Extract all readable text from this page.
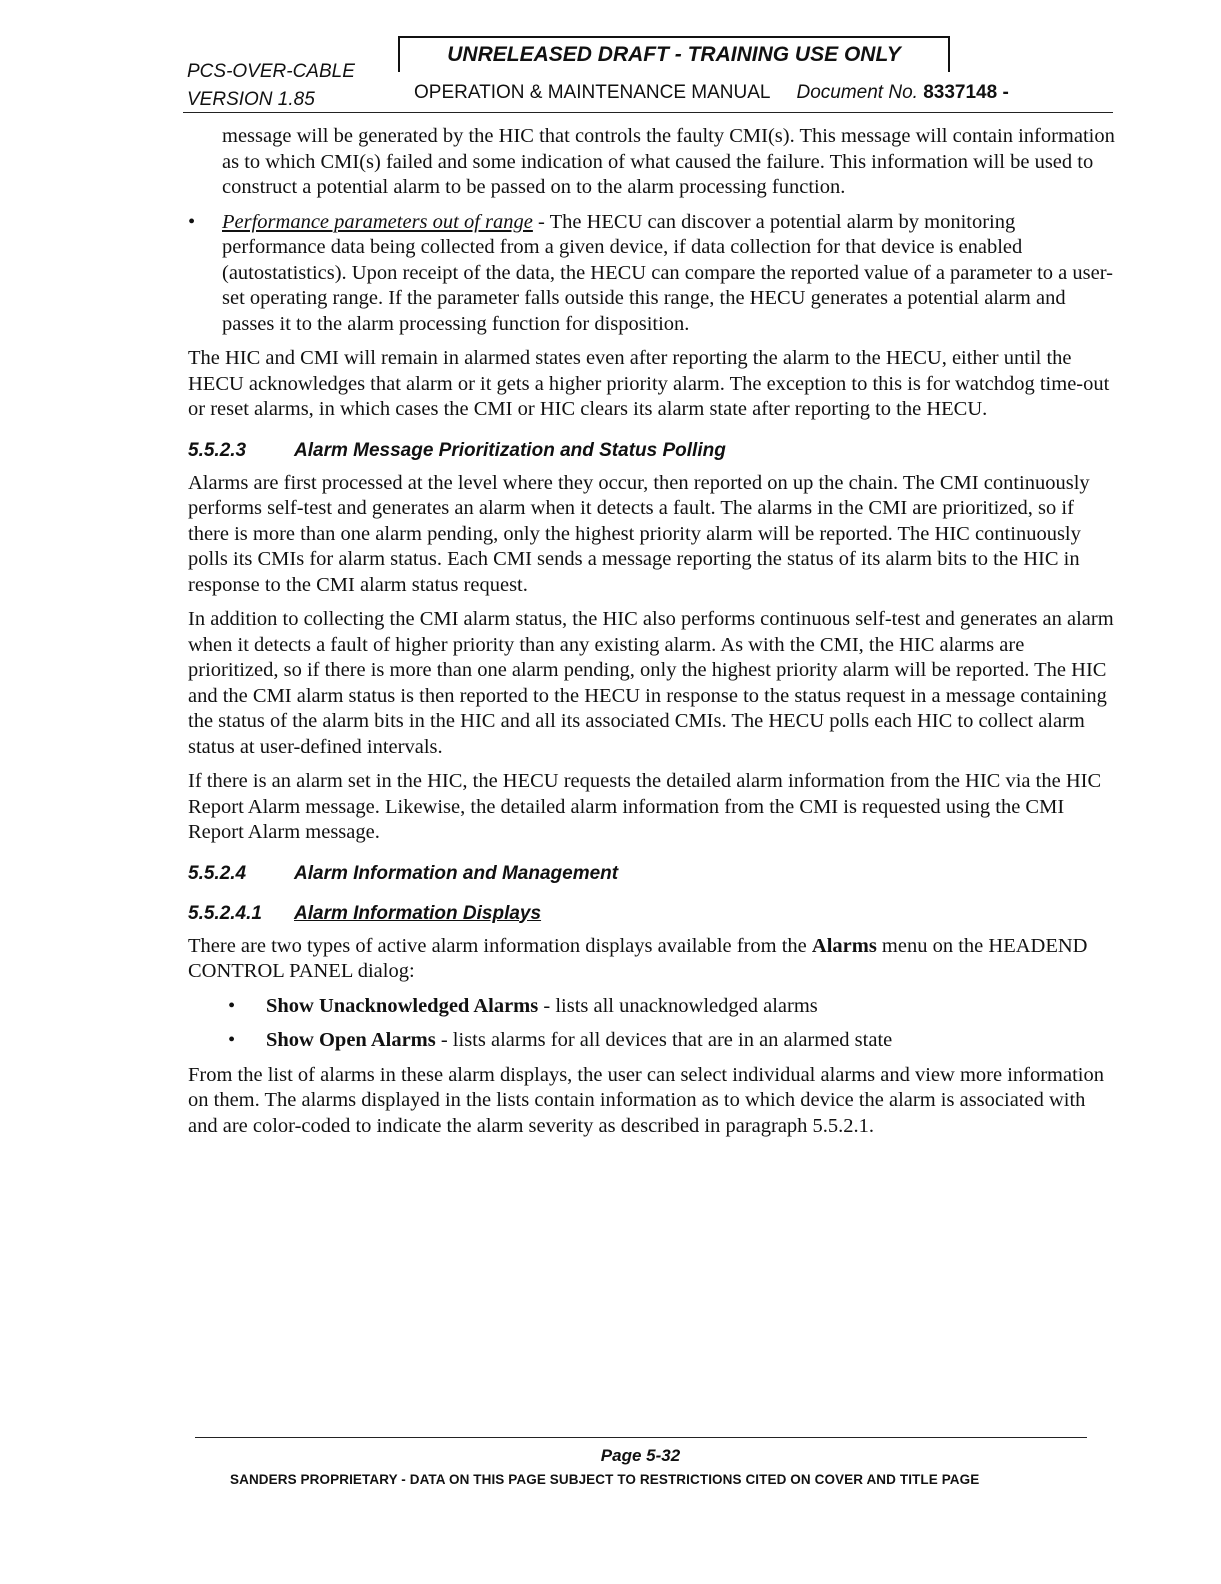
PCS-OVER-CABLE
VERSION 1.85
UNRELEASED DRAFT - TRAINING USE ONLY
OPERATION & MAINTENANCE MANUAL Document No. 8337148 -

message will be generated by the HIC that controls the faulty CMI(s). This message will contain information as to which CMI(s) failed and some indication of what caused the failure. This information will be used to construct a potential alarm to be passed on to the alarm processing function.

• Performance parameters out of range - The HECU can discover a potential alarm by monitoring performance data being collected from a given device, if data collection for that device is enabled (autostatistics). Upon receipt of the data, the HECU can compare the reported value of a parameter to a user-set operating range. If the parameter falls outside this range, the HECU generates a potential alarm and passes it to the alarm processing function for disposition.

The HIC and CMI will remain in alarmed states even after reporting the alarm to the HECU, either until the HECU acknowledges that alarm or it gets a higher priority alarm. The exception to this is for watchdog time-out or reset alarms, in which cases the CMI or HIC clears its alarm state after reporting to the HECU.

5.5.2.3	Alarm Message Prioritization and Status Polling

Alarms are first processed at the level where they occur, then reported on up the chain. The CMI continuously performs self-test and generates an alarm when it detects a fault. The alarms in the CMI are prioritized, so if there is more than one alarm pending, only the highest priority alarm will be reported. The HIC continuously polls its CMIs for alarm status. Each CMI sends a message reporting the status of its alarm bits to the HIC in response to the CMI alarm status request.

In addition to collecting the CMI alarm status, the HIC also performs continuous self-test and generates an alarm when it detects a fault of higher priority than any existing alarm. As with the CMI, the HIC alarms are prioritized, so if there is more than one alarm pending, only the highest priority alarm will be reported. The HIC and the CMI alarm status is then reported to the HECU in response to the status request in a message containing the status of the alarm bits in the HIC and all its associated CMIs. The HECU polls each HIC to collect alarm status at user-defined intervals.

If there is an alarm set in the HIC, the HECU requests the detailed alarm information from the HIC via the HIC Report Alarm message. Likewise, the detailed alarm information from the CMI is requested using the CMI Report Alarm message.

5.5.2.4	Alarm Information and Management
5.5.2.4.1 Alarm Information Displays

There are two types of active alarm information displays available from the Alarms menu on the HEADEND CONTROL PANEL dialog:

• Show Unacknowledged Alarms - lists all unacknowledged alarms

• Show Open Alarms - lists alarms for all devices that are in an alarmed state

From the list of alarms in these alarm displays, the user can select individual alarms and view more information on them. The alarms displayed in the lists contain information as to which device the alarm is associated with and are color-coded to indicate the alarm severity as described in paragraph 5.5.2.1.

Page 5-32
SANDERS PROPRIETARY - DATA ON THIS PAGE SUBJECT TO RESTRICTIONS CITED ON COVER AND TITLE PAGE
